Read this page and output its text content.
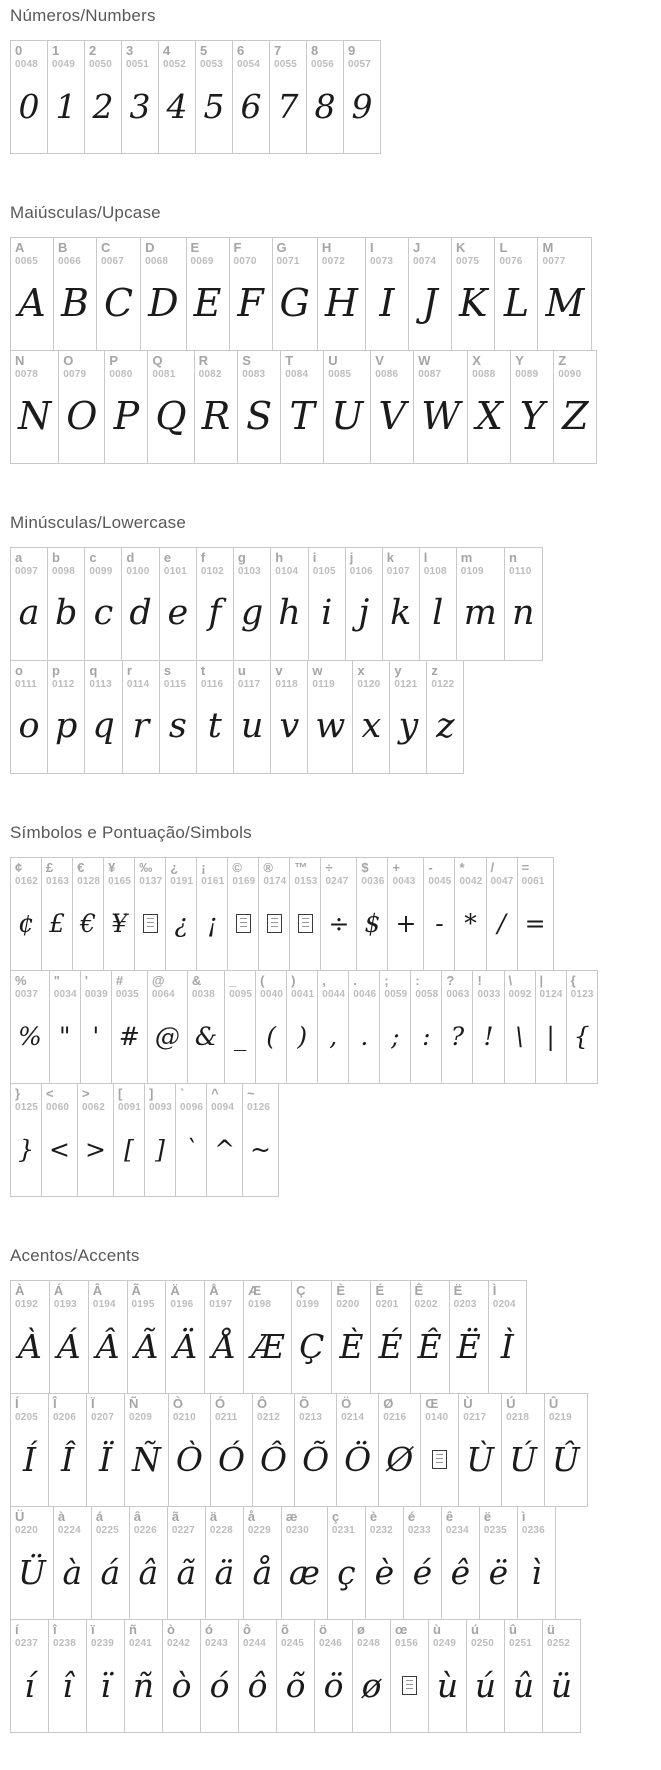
Números/Numbers
0
0048
0
1
0049
1
2
0050
2
3
0051
3
4
0052
4
5
0053
5
6
0054
6
7
0055
7
8
0056
8
9
0057
9
Maiúsculas/Upcase
A
0065
A
B
0066
B
C
0067
C
D
0068
D
E
0069
E
F
0070
F
G
0071
G
H
0072
H
I
0073
I
J
0074
J
K
0075
K
L
0076
L
M
0077
M
N
0078
N
O
0079
O
P
0080
P
Q
0081
Q
R
0082
R
S
0083
S
T
0084
T
U
0085
U
V
0086
V
W
0087
W
X
0088
X
Y
0089
Y
Z
0090
Z
Minúsculas/Lowercase
a
0097
a
b
0098
b
c
0099
c
d
0100
d
e
0101
e
f
0102
f
g
0103
g
h
0104
h
i
0105
i
j
0106
j
k
0107
k
l
0108
l
m
0109
m
n
0110
n
o
0111
o
p
0112
p
q
0113
q
r
0114
r
s
0115
s
t
0116
t
u
0117
u
v
0118
v
w
0119
w
x
0120
x
y
0121
y
z
0122
z
Símbolos e Pontuação/Simbols
¢
0162
¢
£
0163
£
€
0128
€
¥
0165
¥
‰
0137
¿
0191
¿
¡
0161
¡
©
0169
®
0174
™
0153
÷
0247
÷
$
0036
$
+
0043
+
-
0045
-
*
0042
*
/
0047
/
=
0061
=
%
0037
%
"
0034
"
'
0039
'
#
0035
#
@
0064
@
&
0038
&
_
0095
_
(
0040
(
)
0041
)
,
0044
,
.
0046
.
;
0059
;
:
0058
:
?
0063
?
!
0033
!
\
0092
\
|
0124
|
{
0123
{
}
0125
}
<
0060
<
>
0062
>
[
0091
[
]
0093
]
`
0096
`
^
0094
^
~
0126
~
Acentos/Accents
À
0192
À
Á
0193
Á
Â
0194
Â
Ã
0195
Ã
Ä
0196
Ä
Å
0197
Å
Æ
0198
Æ
Ç
0199
Ç
È
0200
È
É
0201
É
Ê
0202
Ê
Ë
0203
Ë
Ì
0204
Ì
Í
0205
Í
Î
0206
Î
Ï
0207
Ï
Ñ
0209
Ñ
Ò
0210
Ò
Ó
0211
Ó
Ô
0212
Ô
Õ
0213
Õ
Ö
0214
Ö
Ø
0216
Ø
Œ
0140
Ù
0217
Ù
Ú
0218
Ú
Û
0219
Û
Ü
0220
Ü
à
0224
à
á
0225
á
â
0226
â
ã
0227
ã
ä
0228
ä
å
0229
å
æ
0230
æ
ç
0231
ç
è
0232
è
é
0233
é
ê
0234
ê
ë
0235
ë
ì
0236
ì
í
0237
í
î
0238
î
ï
0239
ï
ñ
0241
ñ
ò
0242
ò
ó
0243
ó
ô
0244
ô
õ
0245
õ
ö
0246
ö
ø
0248
ø
œ
0156
ù
0249
ù
ú
0250
ú
û
0251
û
ü
0252
ü
